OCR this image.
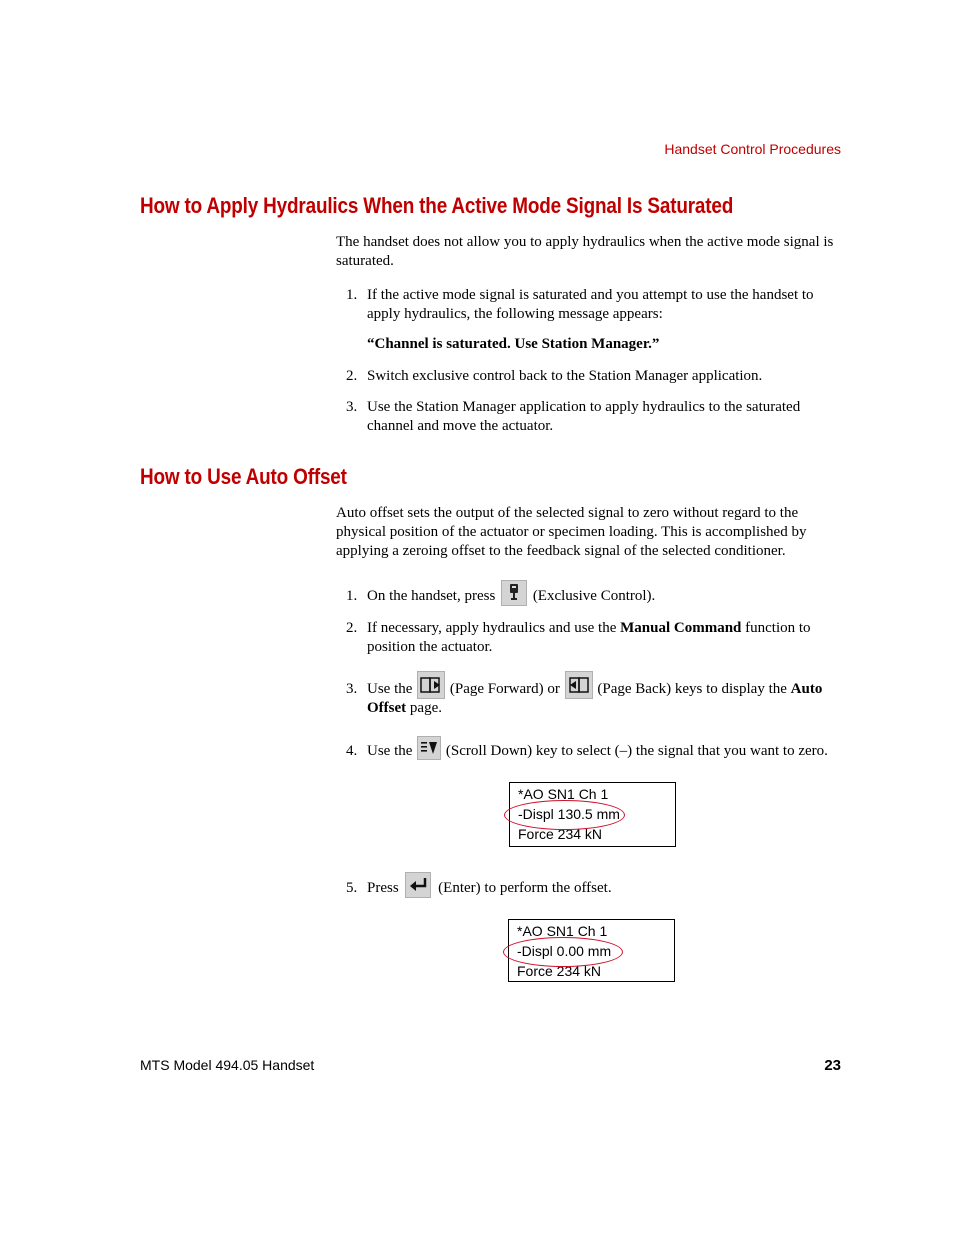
Handset Control Procedures
How to Apply Hydraulics When the Active Mode Signal Is Saturated
The handset does not allow you to apply hydraulics when the active mode signal is saturated.
1. If the active mode signal is saturated and you attempt to use the handset to apply hydraulics, the following message appears:
“Channel is saturated. Use Station Manager.”
2. Switch exclusive control back to the Station Manager application.
3. Use the Station Manager application to apply hydraulics to the saturated channel and move the actuator.
How to Use Auto Offset
Auto offset sets the output of the selected signal to zero without regard to the physical position of the actuator or specimen loading. This is accomplished by applying a zeroing offset to the feedback signal of the selected conditioner.
1. On the handset, press	(Exclusive Control).
2. If necessary, apply hydraulics and use the Manual Command function to position the actuator.
3. Use the	(Page Forward) or	(Page Back) keys to display the Auto Offset page.
4. Use the (Scroll Down) key to select (–) the signal that you want to zero.
*AO SN1 Ch 1
-Displ 130.5 mm
Force 234 kN
5. Press	(Enter) to perform the offset.
*AO SN1 Ch 1
-Displ 0.00 mm
Force 234 kN
MTS Model 494.05 Handset	23
